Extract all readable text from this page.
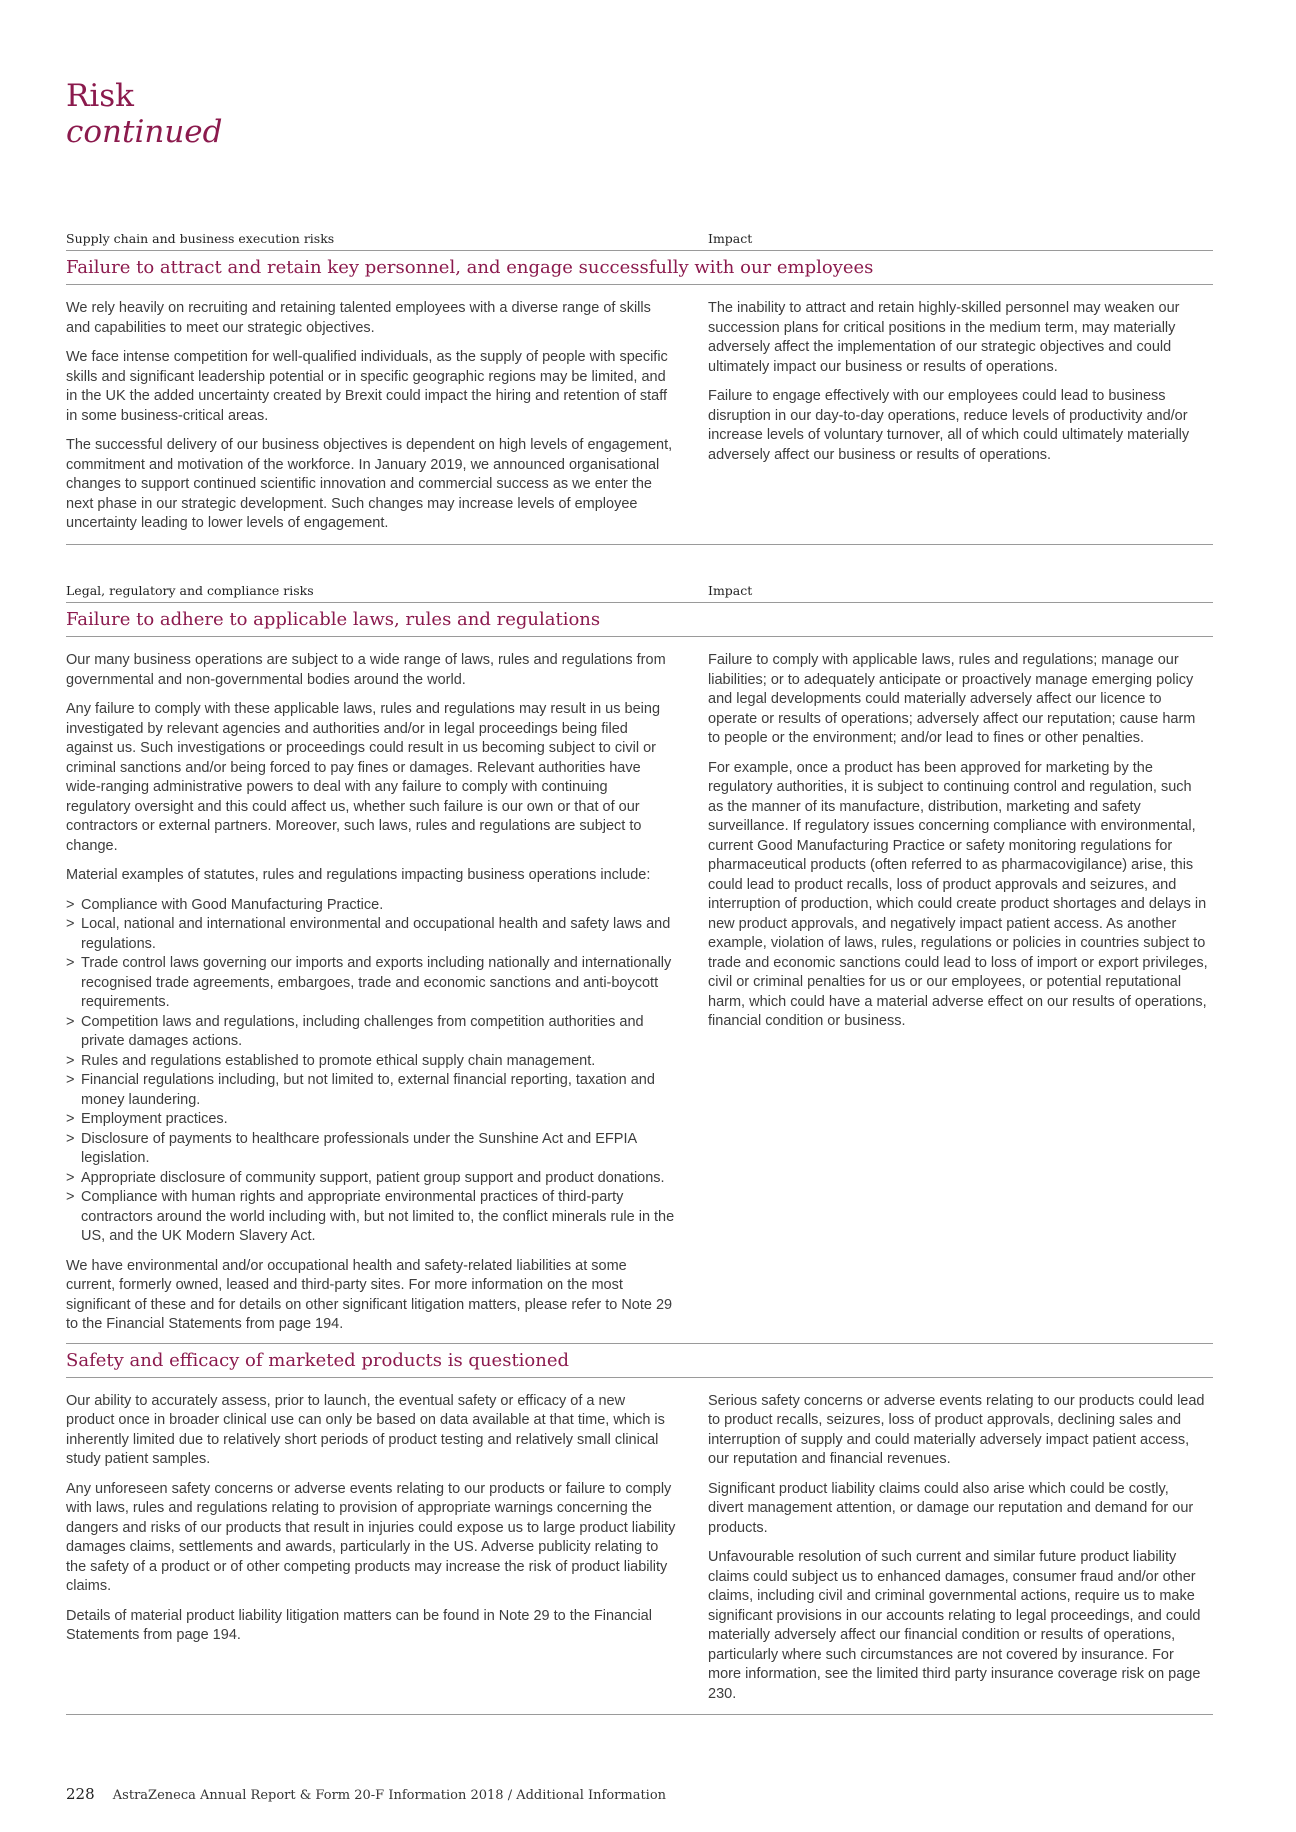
Risk
continued
Supply chain and business execution risks	Impact
Failure to attract and retain key personnel, and engage successfully with our employees

We rely heavily on recruiting and retaining talented employees with a diverse range of skills and capabilities to meet our strategic objectives.

We face intense competition for well-qualified individuals, as the supply of people with specific skills and significant leadership potential or in specific geographic regions may be limited, and in the UK the added uncertainty created by Brexit could impact the hiring and retention of staff in some business-critical areas.

The successful delivery of our business objectives is dependent on high levels of engagement, commitment and motivation of the workforce. In January 2019, we announced organisational changes to support continued scientific innovation and commercial success as we enter the next phase in our strategic development. Such changes may increase levels of employee uncertainty leading to lower levels of engagement.

The inability to attract and retain highly-skilled personnel may weaken our succession plans for critical positions in the medium term, may materially adversely affect the implementation of our strategic objectives and could ultimately impact our business or results of operations.

Failure to engage effectively with our employees could lead to business disruption in our day-to-day operations, reduce levels of productivity and/or increase levels of voluntary turnover, all of which could ultimately materially adversely affect our business or results of operations.

Legal, regulatory and compliance risks	Impact
Failure to adhere to applicable laws, rules and regulations

Our many business operations are subject to a wide range of laws, rules and regulations from governmental and non-governmental bodies around the world.

Any failure to comply with these applicable laws, rules and regulations may result in us being investigated by relevant agencies and authorities and/or in legal proceedings being filed against us. Such investigations or proceedings could result in us becoming subject to civil or criminal sanctions and/or being forced to pay fines or damages. Relevant authorities have wide-ranging administrative powers to deal with any failure to comply with continuing regulatory oversight and this could affect us, whether such failure is our own or that of our contractors or external partners. Moreover, such laws, rules and regulations are subject to change.

Material examples of statutes, rules and regulations impacting business operations include:

> Compliance with Good Manufacturing Practice.
> Local, national and international environmental and occupational health and safety laws and regulations.
> Trade control laws governing our imports and exports including nationally and internationally recognised trade agreements, embargoes, trade and economic sanctions and anti-boycott requirements.
> Competition laws and regulations, including challenges from competition authorities and private damages actions.
> Rules and regulations established to promote ethical supply chain management.
> Financial regulations including, but not limited to, external financial reporting, taxation and money laundering.
> Employment practices.
> Disclosure of payments to healthcare professionals under the Sunshine Act and EFPIA legislation.
> Appropriate disclosure of community support, patient group support and product donations.
> Compliance with human rights and appropriate environmental practices of third-party contractors around the world including with, but not limited to, the conflict minerals rule in the US, and the UK Modern Slavery Act.

We have environmental and/or occupational health and safety-related liabilities at some current, formerly owned, leased and third-party sites. For more information on the most significant of these and for details on other significant litigation matters, please refer to Note 29 to the Financial Statements from page 194.

Failure to comply with applicable laws, rules and regulations; manage our liabilities; or to adequately anticipate or proactively manage emerging policy and legal developments could materially adversely affect our licence to operate or results of operations; adversely affect our reputation; cause harm to people or the environment; and/or lead to fines or other penalties.

For example, once a product has been approved for marketing by the regulatory authorities, it is subject to continuing control and regulation, such as the manner of its manufacture, distribution, marketing and safety surveillance. If regulatory issues concerning compliance with environmental, current Good Manufacturing Practice or safety monitoring regulations for pharmaceutical products (often referred to as pharmacovigilance) arise, this could lead to product recalls, loss of product approvals and seizures, and interruption of production, which could create product shortages and delays in new product approvals, and negatively impact patient access. As another example, violation of laws, rules, regulations or policies in countries subject to trade and economic sanctions could lead to loss of import or export privileges, civil or criminal penalties for us or our employees, or potential reputational harm, which could have a material adverse effect on our results of operations, financial condition or business.

Safety and efficacy of marketed products is questioned

Our ability to accurately assess, prior to launch, the eventual safety or efficacy of a new product once in broader clinical use can only be based on data available at that time, which is inherently limited due to relatively short periods of product testing and relatively small clinical study patient samples.

Any unforeseen safety concerns or adverse events relating to our products or failure to comply with laws, rules and regulations relating to provision of appropriate warnings concerning the dangers and risks of our products that result in injuries could expose us to large product liability damages claims, settlements and awards, particularly in the US. Adverse publicity relating to the safety of a product or of other competing products may increase the risk of product liability claims.

Details of material product liability litigation matters can be found in Note 29 to the Financial Statements from page 194.

Serious safety concerns or adverse events relating to our products could lead to product recalls, seizures, loss of product approvals, declining sales and interruption of supply and could materially adversely impact patient access, our reputation and financial revenues.

Significant product liability claims could also arise which could be costly, divert management attention, or damage our reputation and demand for our products.

Unfavourable resolution of such current and similar future product liability claims could subject us to enhanced damages, consumer fraud and/or other claims, including civil and criminal governmental actions, require us to make significant provisions in our accounts relating to legal proceedings, and could materially adversely affect our financial condition or results of operations, particularly where such circumstances are not covered by insurance. For more information, see the limited third party insurance coverage risk on page 230.

228 AstraZeneca Annual Report & Form 20-F Information 2018 / Additional Information
